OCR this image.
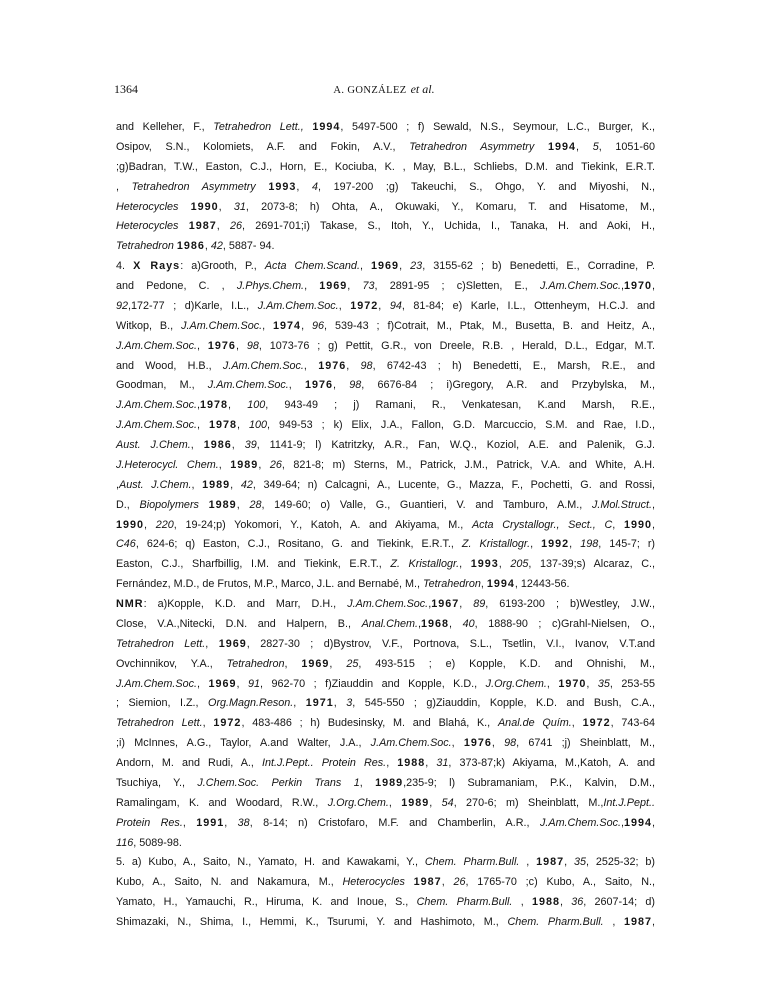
1364	A. GONZÁLEZ et al.
and Kelleher, F., Tetrahedron Lett., 1994, 5497-500 ; f) Sewald, N.S., Seymour, L.C., Burger, K.,
Osipov, S.N., Kolomiets, A.F. and Fokin, A.V., Tetrahedron Asymmetry 1994, 5, 1051-60
;g)Badran, T.W., Easton, C.J., Horn, E., Kociuba, K. , May, B.L., Schliebs, D.M. and Tiekink, E.R.T.
, Tetrahedron Asymmetry 1993, 4, 197-200 ;g) Takeuchi, S., Ohgo, Y. and Miyoshi, N.,
Heterocycles 1990, 31, 2073-8; h) Ohta, A., Okuwaki, Y., Komaru, T. and Hisatome, M.,
Heterocycles 1987, 26, 2691-701;i) Takase, S., Itoh, Y., Uchida, I., Tanaka, H. and Aoki, H.,
Tetrahedron 1986, 42, 5887- 94.
4. X Rays: a)Grooth, P., Acta Chem.Scand., 1969, 23, 3155-62 ; b) Benedetti, E., Corradine, P.
and Pedone, C. , J.Phys.Chem., 1969, 73, 2891-95 ; c)Sletten, E., J.Am.Chem.Soc.,1970,
92,172-77 ; d)Karle, I.L., J.Am.Chem.Soc., 1972, 94, 81-84; e) Karle, I.L., Ottenheym, H.C.J. and
Witkop, B., J.Am.Chem.Soc., 1974, 96, 539-43 ; f)Cotrait, M., Ptak, M., Busetta, B. and Heitz, A.,
J.Am.Chem.Soc., 1976, 98, 1073-76 ; g) Pettit, G.R., von Dreele, R.B. , Herald, D.L., Edgar, M.T.
and Wood, H.B., J.Am.Chem.Soc., 1976, 98, 6742-43 ; h) Benedetti, E., Marsh, R.E., and
Goodman, M., J.Am.Chem.Soc., 1976, 98, 6676-84 ; i)Gregory, A.R. and Przybylska, M.,
J.Am.Chem.Soc.,1978, 100, 943-49 ; j) Ramani, R., Venkatesan, K.and Marsh, R.E.,
J.Am.Chem.Soc., 1978, 100, 949-53 ; k) Elix, J.A., Fallon, G.D. Marcuccio, S.M. and Rae, I.D.,
Aust. J.Chem., 1986, 39, 1141-9; l) Katritzky, A.R., Fan, W.Q., Koziol, A.E. and Palenik, G.J.
J.Heterocycl. Chem., 1989, 26, 821-8; m) Sterns, M., Patrick, J.M., Patrick, V.A. and White, A.H.
,Aust. J.Chem., 1989, 42, 349-64; n) Calcagni, A., Lucente, G., Mazza, F., Pochetti, G. and Rossi,
D., Biopolymers 1989, 28, 149-60; o) Valle, G., Guantieri, V. and Tamburo, A.M., J.Mol.Struct.,
1990, 220, 19-24;p) Yokomori, Y., Katoh, A. and Akiyama, M., Acta Crystallogr., Sect., C, 1990,
C46, 624-6; q) Easton, C.J., Rositano, G. and Tiekink, E.R.T., Z. Kristallogr., 1992, 198, 145-7; r)
Easton, C.J., Sharfbillig, I.M. and Tiekink, E.R.T., Z. Kristallogr., 1993, 205, 137-39;s) Alcaraz, C.,
Fernández, M.D., de Frutos, M.P., Marco, J.L. and Bernabé, M., Tetrahedron, 1994, 12443-56.
NMR: a)Kopple, K.D. and Marr, D.H., J.Am.Chem.Soc.,1967, 89, 6193-200 ; b)Westley, J.W.,
Close, V.A.,Nitecki, D.N. and Halpern, B., Anal.Chem.,1968, 40, 1888-90 ; c)Grahl-Nielsen, O.,
Tetrahedron Lett., 1969, 2827-30 ; d)Bystrov, V.F., Portnova, S.L., Tsetlin, V.I., Ivanov, V.T.and
Ovchinnikov, Y.A., Tetrahedron, 1969, 25, 493-515 ; e) Kopple, K.D. and Ohnishi, M.,
J.Am.Chem.Soc., 1969, 91, 962-70 ; f)Ziauddin and Kopple, K.D., J.Org.Chem., 1970, 35, 253-55
; Siemion, I.Z., Org.Magn.Reson., 1971, 3, 545-550 ; g)Ziauddin, Kopple, K.D. and Bush, C.A.,
Tetrahedron Lett., 1972, 483-486 ; h) Budesinsky, M. and Blahá, K., Anal.de Quím., 1972, 743-64
;i) McInnes, A.G., Taylor, A.and Walter, J.A., J.Am.Chem.Soc., 1976, 98, 6741 ;j) Sheinblatt, M.,
Andorn, M. and Rudi, A., Int.J.Pept.. Protein Res., 1988, 31, 373-87;k) Akiyama, M.,Katoh, A. and
Tsuchiya, Y., J.Chem.Soc. Perkin Trans 1, 1989,235-9; l) Subramaniam, P.K., Kalvin, D.M.,
Ramalingam, K. and Woodard, R.W., J.Org.Chem., 1989, 54, 270-6; m) Sheinblatt, M.,Int.J.Pept..
Protein Res., 1991, 38, 8-14; n) Cristofaro, M.F. and Chamberlin, A.R., J.Am.Chem.Soc.,1994,
116, 5089-98.
5. a) Kubo, A., Saito, N., Yamato, H. and Kawakami, Y., Chem. Pharm.Bull. , 1987, 35, 2525-32; b)
Kubo, A., Saito, N. and Nakamura, M., Heterocycles 1987, 26, 1765-70 ;c) Kubo, A., Saito, N.,
Yamato, H., Yamauchi, R., Hiruma, K. and Inoue, S., Chem. Pharm.Bull. , 1988, 36, 2607-14; d)
Shimazaki, N., Shima, I., Hemmi, K., Tsurumi, Y. and Hashimoto, M., Chem. Pharm.Bull. , 1987,
